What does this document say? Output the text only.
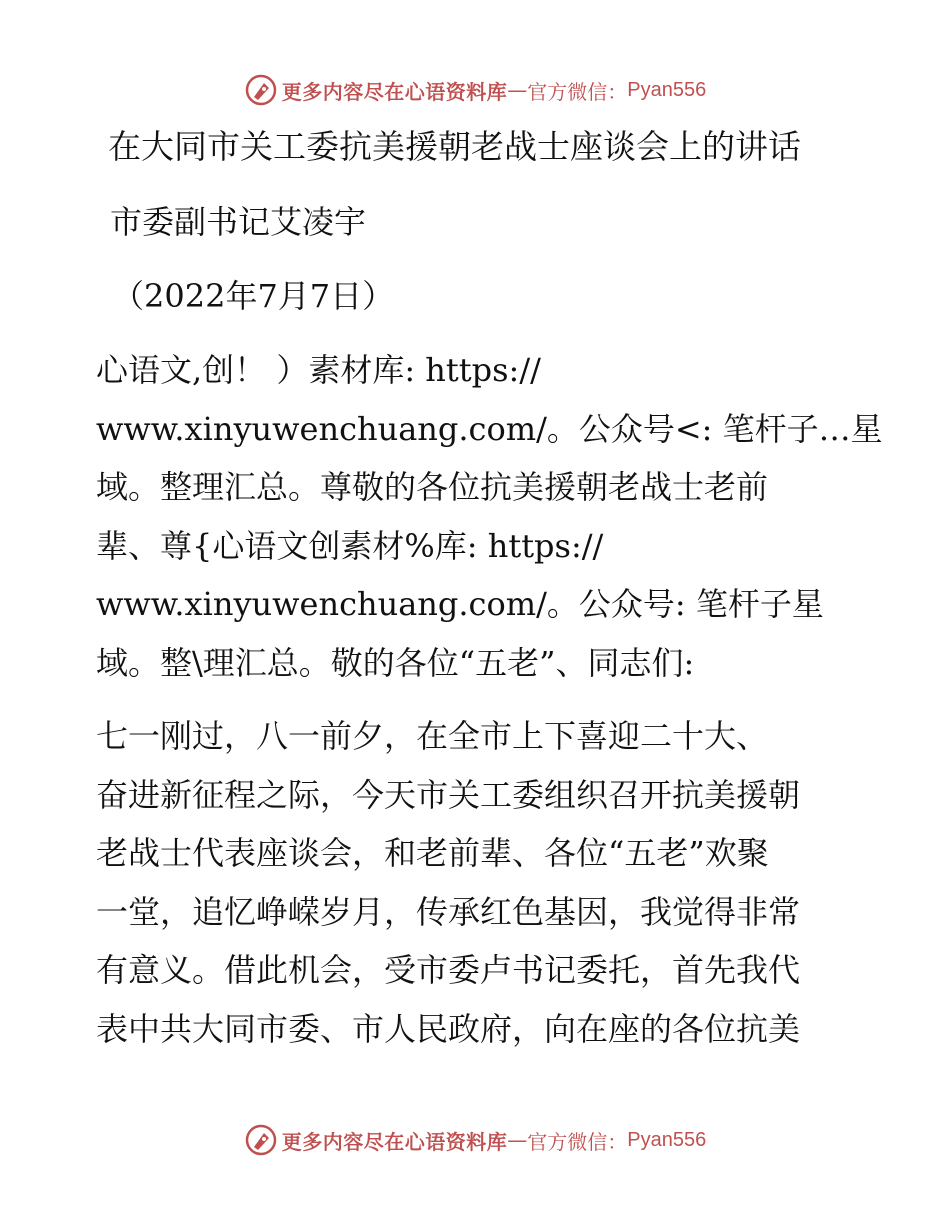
更多内容尽在心语资料库 — 官方微信： Pyan556
在大同市关工委抗美援朝老战士座谈会上的讲话
市委副书记艾凌宇
（2022年7月7日）
心语文,创！ ）素材库: https://
www.xinyuwenchuang.com/。公众号<: 笔杆子…星
域。整理汇总。尊敬的各位抗美援朝老战士老前
辈、尊{心语文创素材%库: https://
www.xinyuwenchuang.com/。公众号: 笔杆子星
域。整\理汇总。敬的各位“五老”、同志们:
七一刚过，八一前夕，在全市上下喜迎二十大、
奋进新征程之际，今天市关工委组织召开抗美援朝
老战士代表座谈会，和老前辈、各位“五老”欢聚
一堂，追忆峥嵘岁月，传承红色基因，我觉得非常
有意义。借此机会，受市委卢书记委托，首先我代
表中共大同市委、市人民政府，向在座的各位抗美
更多内容尽在心语资料库 — 官方微信： Pyan556
